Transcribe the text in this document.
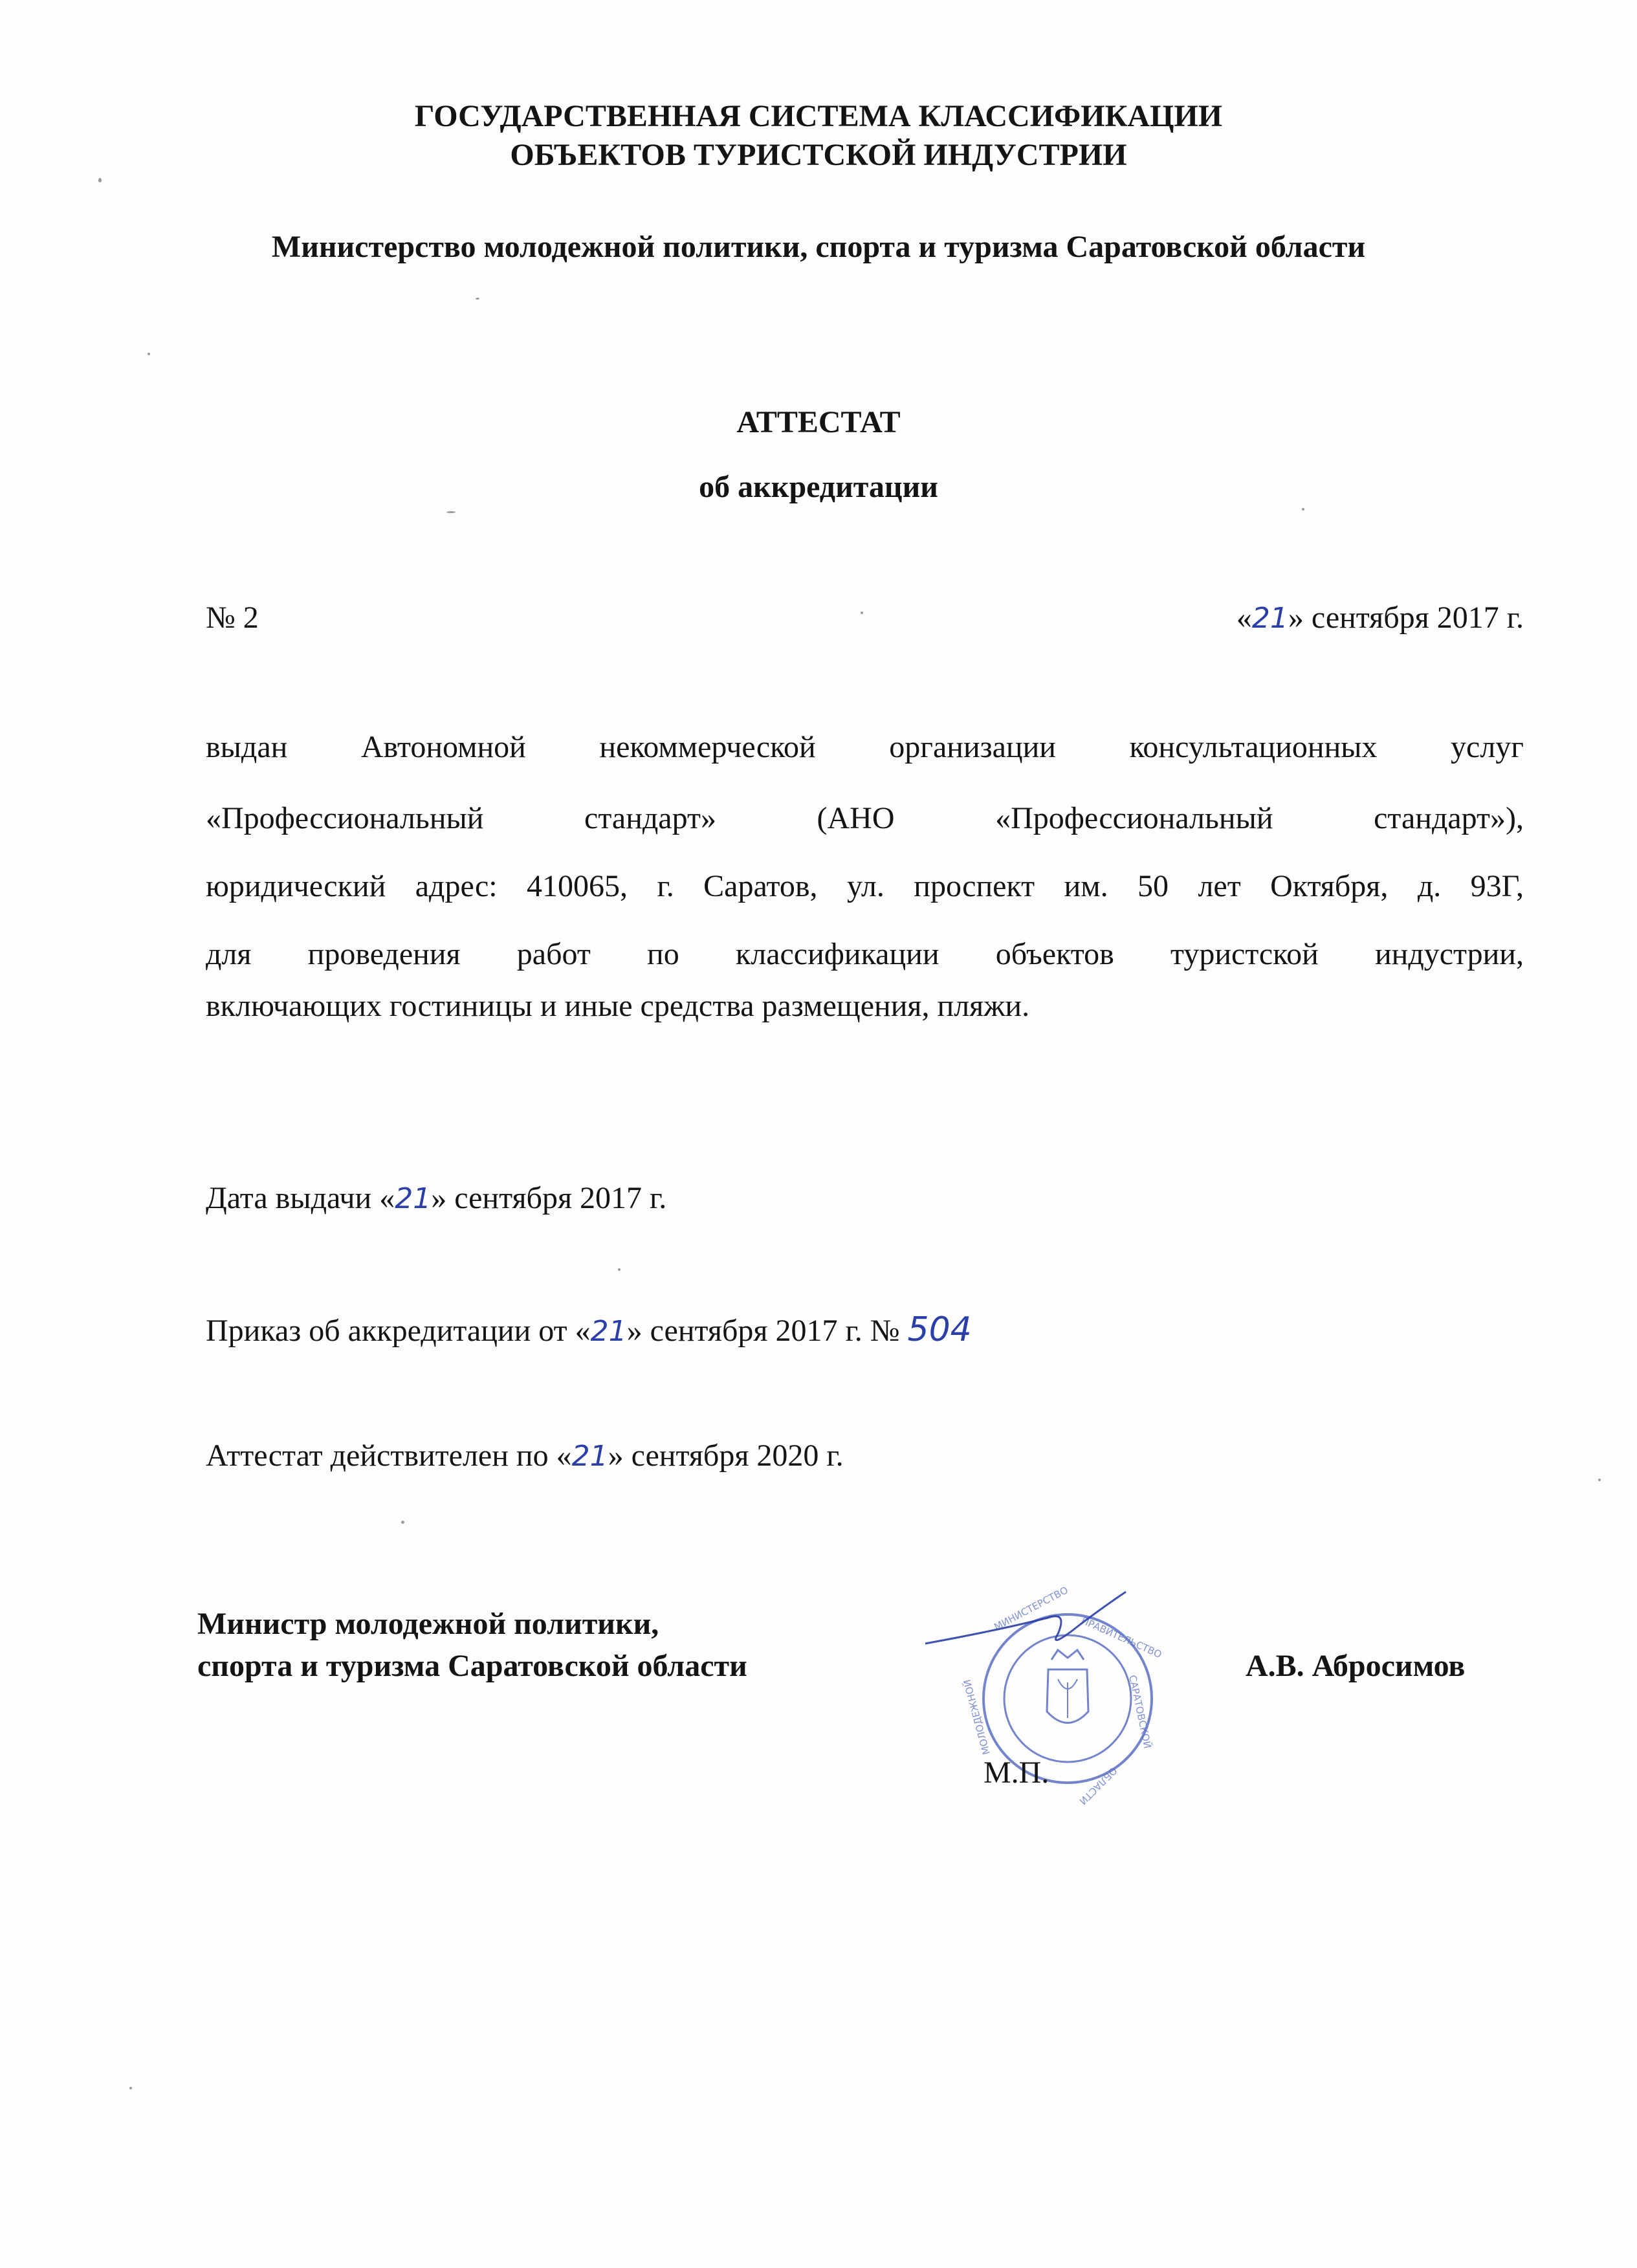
ГОСУДАРСТВЕННАЯ СИСТЕМА КЛАССИФИКАЦИИ
ОБЪЕКТОВ ТУРИСТСКОЙ ИНДУСТРИИ
Министерство молодежной политики, спорта и туризма Саратовской области
АТТЕСТАТ
об аккредитации
№ 2	«21» сентября 2017 г.
выдан Автономной некоммерческой организации консультационных услуг
«Профессиональный стандарт» (АНО «Профессиональный стандарт»),
юридический адрес: 410065, г. Саратов, ул. проспект им. 50 лет Октября, д. 93Г,
для проведения работ по классификации объектов туристской индустрии,
включающих гостиницы и иные средства размещения, пляжи.
Дата выдачи «21» сентября 2017 г.
Приказ об аккредитации от «21» сентября 2017 г. № 504
Аттестат действителен по «21» сентября 2020 г.
Министр молодежной политики,
спорта и туризма Саратовской области	А.В. Абросимов
МИНИСТЕРСТВО
ПРАВИТЕЛЬСТВО
САРАТОВСКОЙ
ОБЛАСТИ
МОЛОДЕЖНОЙ
М.П.
